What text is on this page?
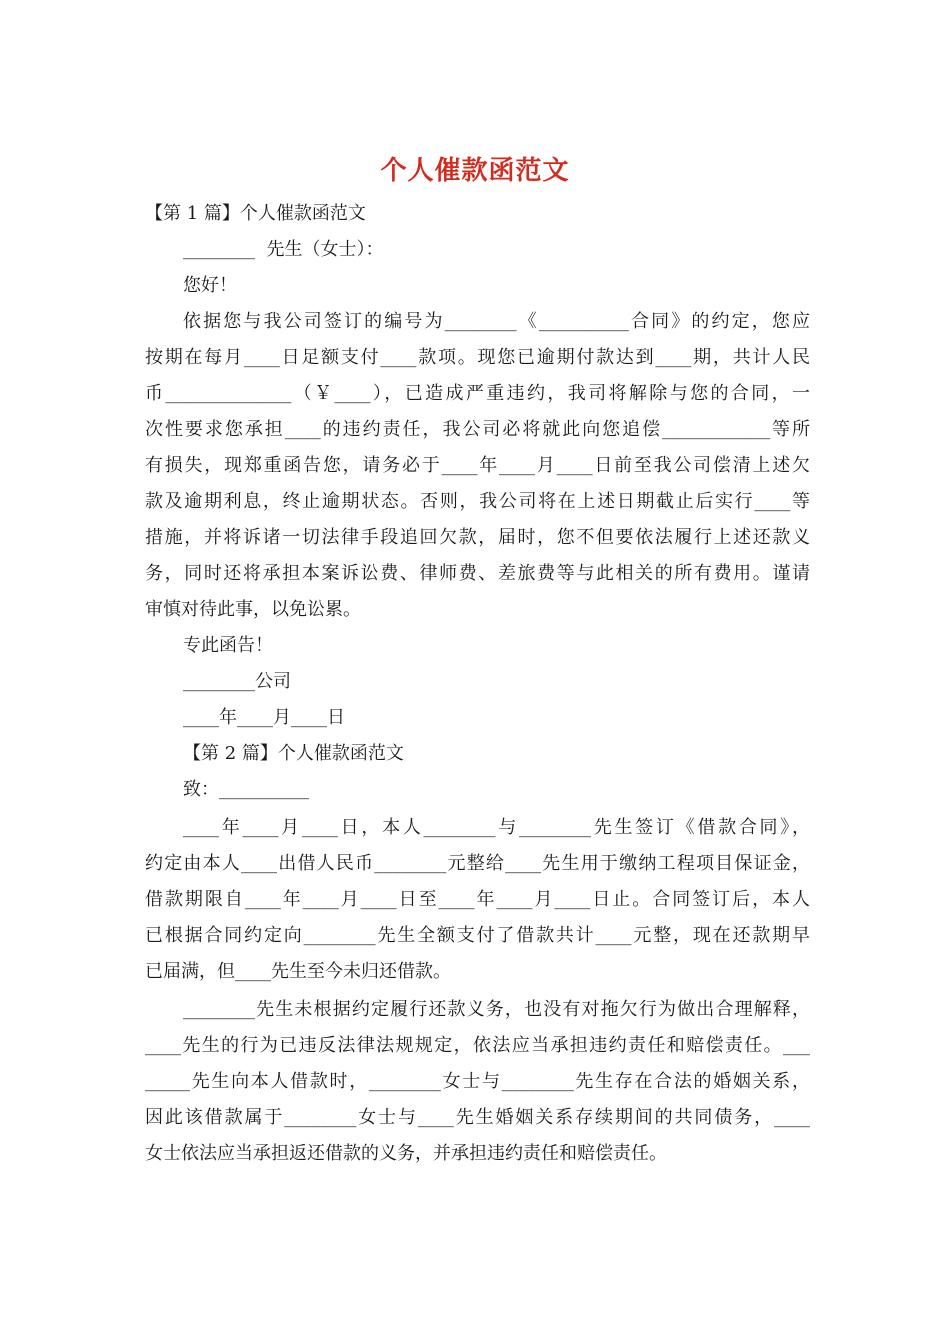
个人催款函范文
【第 1 篇】个人催款函范文
________  先生（女士）：
您好！
依据您与我公司签订的编号为________《__________合同》的约定，您应
按期在每月____日足额支付____款项。现您已逾期付款达到____期，共计人民
币______________（￥____），已造成严重违约，我司将解除与您的合同，一
次性要求您承担____的违约责任，我公司必将就此向您追偿____________等所
有损失，现郑重函告您，请务必于____年____月____日前至我公司偿清上述欠
款及逾期利息，终止逾期状态。否则，我公司将在上述日期截止后实行____等
措施，并将诉诸一切法律手段追回欠款，届时，您不但要依法履行上述还款义
务，同时还将承担本案诉讼费、律师费、差旅费等与此相关的所有费用。谨请
审慎对待此事，以免讼累。
专此函告！
________公司
____年____月____日
【第 2 篇】个人催款函范文
致：__________
____年____月____日，本人________与________先生签订《借款合同》，
约定由本人____出借人民币________元整给____先生用于缴纳工程项目保证金，
借款期限自____年____月____日至____年____月____日止。合同签订后，本人
已根据合同约定向________先生全额支付了借款共计____元整，现在还款期早
已届满，但____先生至今未归还借款。
________先生未根据约定履行还款义务，也没有对拖欠行为做出合理解释，
____先生的行为已违反法律法规规定，依法应当承担违约责任和赔偿责任。___
_____先生向本人借款时，________女士与________先生存在合法的婚姻关系，
因此该借款属于________女士与____先生婚姻关系存续期间的共同债务，____
女士依法应当承担返还借款的义务，并承担违约责任和赔偿责任。
